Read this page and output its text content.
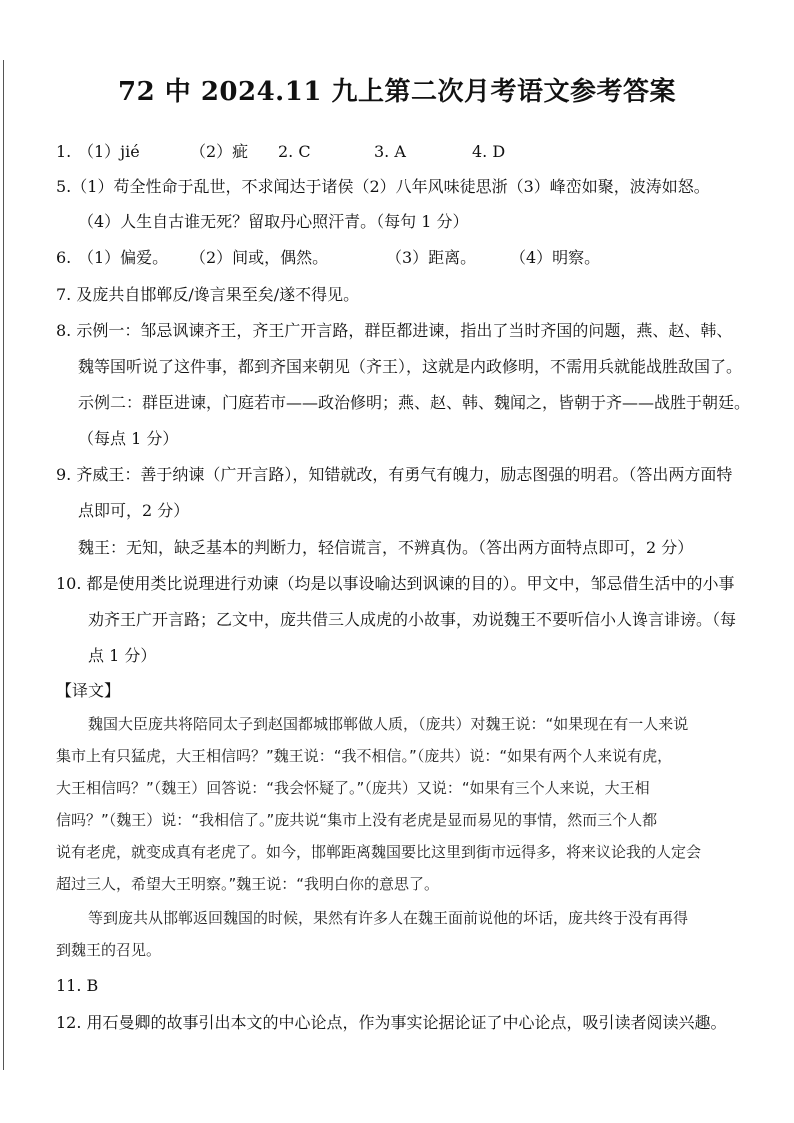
72 中 2024.11 九上第二次月考语文参考答案
1. （1）jié	（2）疵 2. C	3. A	4. D
5.（1）苟全性命于乱世，不求闻达于诸侯（2）八年风味徒思浙（3）峰峦如聚，波涛如怒。
（4）人生自古谁无死？留取丹心照汗青。（每句 1 分）
6. （1）偏爱。 （2）间或，偶然。	（3）距离。 （4）明察。
7. 及庞共自邯郸反/谗言果至矣/遂不得见。
8. 示例一：邹忌讽谏齐王，齐王广开言路，群臣都进谏，指出了当时齐国的问题，燕、赵、韩、
魏等国听说了这件事，都到齐国来朝见（齐王），这就是内政修明，不需用兵就能战胜敌国了。
示例二：群臣进谏，门庭若市——政治修明；燕、赵、韩、魏闻之，皆朝于齐——战胜于朝廷。
（每点 1 分）
9. 齐威王：善于纳谏（广开言路），知错就改，有勇气有魄力，励志图强的明君。（答出两方面特
点即可，2 分）
魏王：无知，缺乏基本的判断力，轻信谎言，不辨真伪。（答出两方面特点即可，2 分）
10. 都是使用类比说理进行劝谏（均是以事设喻达到讽谏的目的）。甲文中，邹忌借生活中的小事
劝齐王广开言路；乙文中，庞共借三人成虎的小故事，劝说魏王不要听信小人谗言诽谤。（每
点 1 分）
【译文】
魏国大臣庞共将陪同太子到赵国都城邯郸做人质，（庞共）对魏王说：“如果现在有一人来说
集市上有只猛虎，大王相信吗？”魏王说：“我不相信。”（庞共）说：“如果有两个人来说有虎，
大王相信吗？”（魏王）回答说：“我会怀疑了。”（庞共）又说：“如果有三个人来说，大王相
信吗？”（魏王）说：“我相信了。”庞共说“集市上没有老虎是显而易见的事情，然而三个人都
说有老虎，就变成真有老虎了。如今，邯郸距离魏国要比这里到街市远得多，将来议论我的人定会
超过三人，希望大王明察。”魏王说：“我明白你的意思了。
等到庞共从邯郸返回魏国的时候，果然有许多人在魏王面前说他的坏话，庞共终于没有再得
到魏王的召见。
11. B
12. 用石曼卿的故事引出本文的中心论点，作为事实论据论证了中心论点，吸引读者阅读兴趣。
